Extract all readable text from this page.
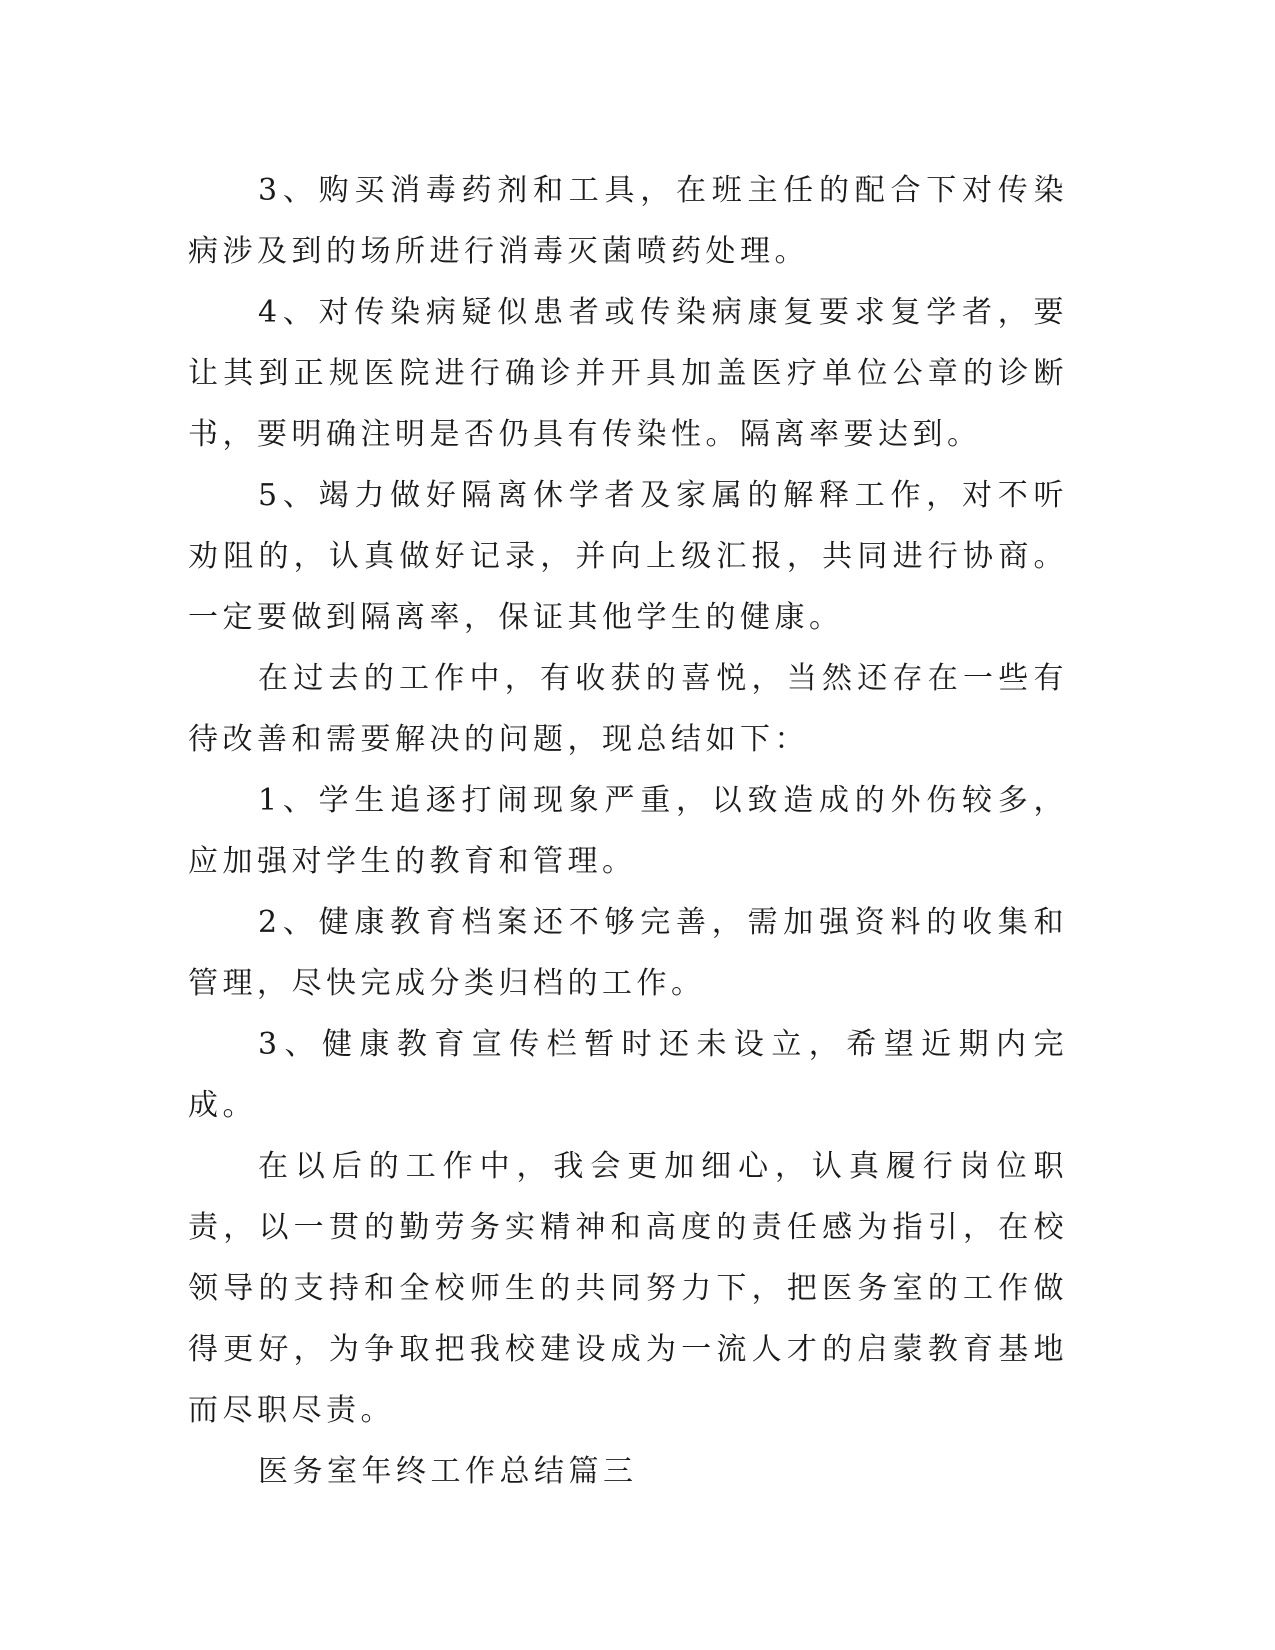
3、购买消毒药剂和工具，在班主任的配合下对传染病涉及到的场所进行消毒灭菌喷药处理。

4、对传染病疑似患者或传染病康复要求复学者，要让其到正规医院进行确诊并开具加盖医疗单位公章的诊断书，要明确注明是否仍具有传染性。隔离率要达到。

5、竭力做好隔离休学者及家属的解释工作，对不听劝阻的，认真做好记录，并向上级汇报，共同进行协商。一定要做到隔离率，保证其他学生的健康。

在过去的工作中，有收获的喜悦，当然还存在一些有待改善和需要解决的问题，现总结如下：

1、学生追逐打闹现象严重，以致造成的外伤较多，应加强对学生的教育和管理。

2、健康教育档案还不够完善，需加强资料的收集和管理，尽快完成分类归档的工作。

3、健康教育宣传栏暂时还未设立，希望近期内完成。

在以后的工作中，我会更加细心，认真履行岗位职责，以一贯的勤劳务实精神和高度的责任感为指引，在校领导的支持和全校师生的共同努力下，把医务室的工作做得更好，为争取把我校建设成为一流人才的启蒙教育基地而尽职尽责。

医务室年终工作总结篇三
